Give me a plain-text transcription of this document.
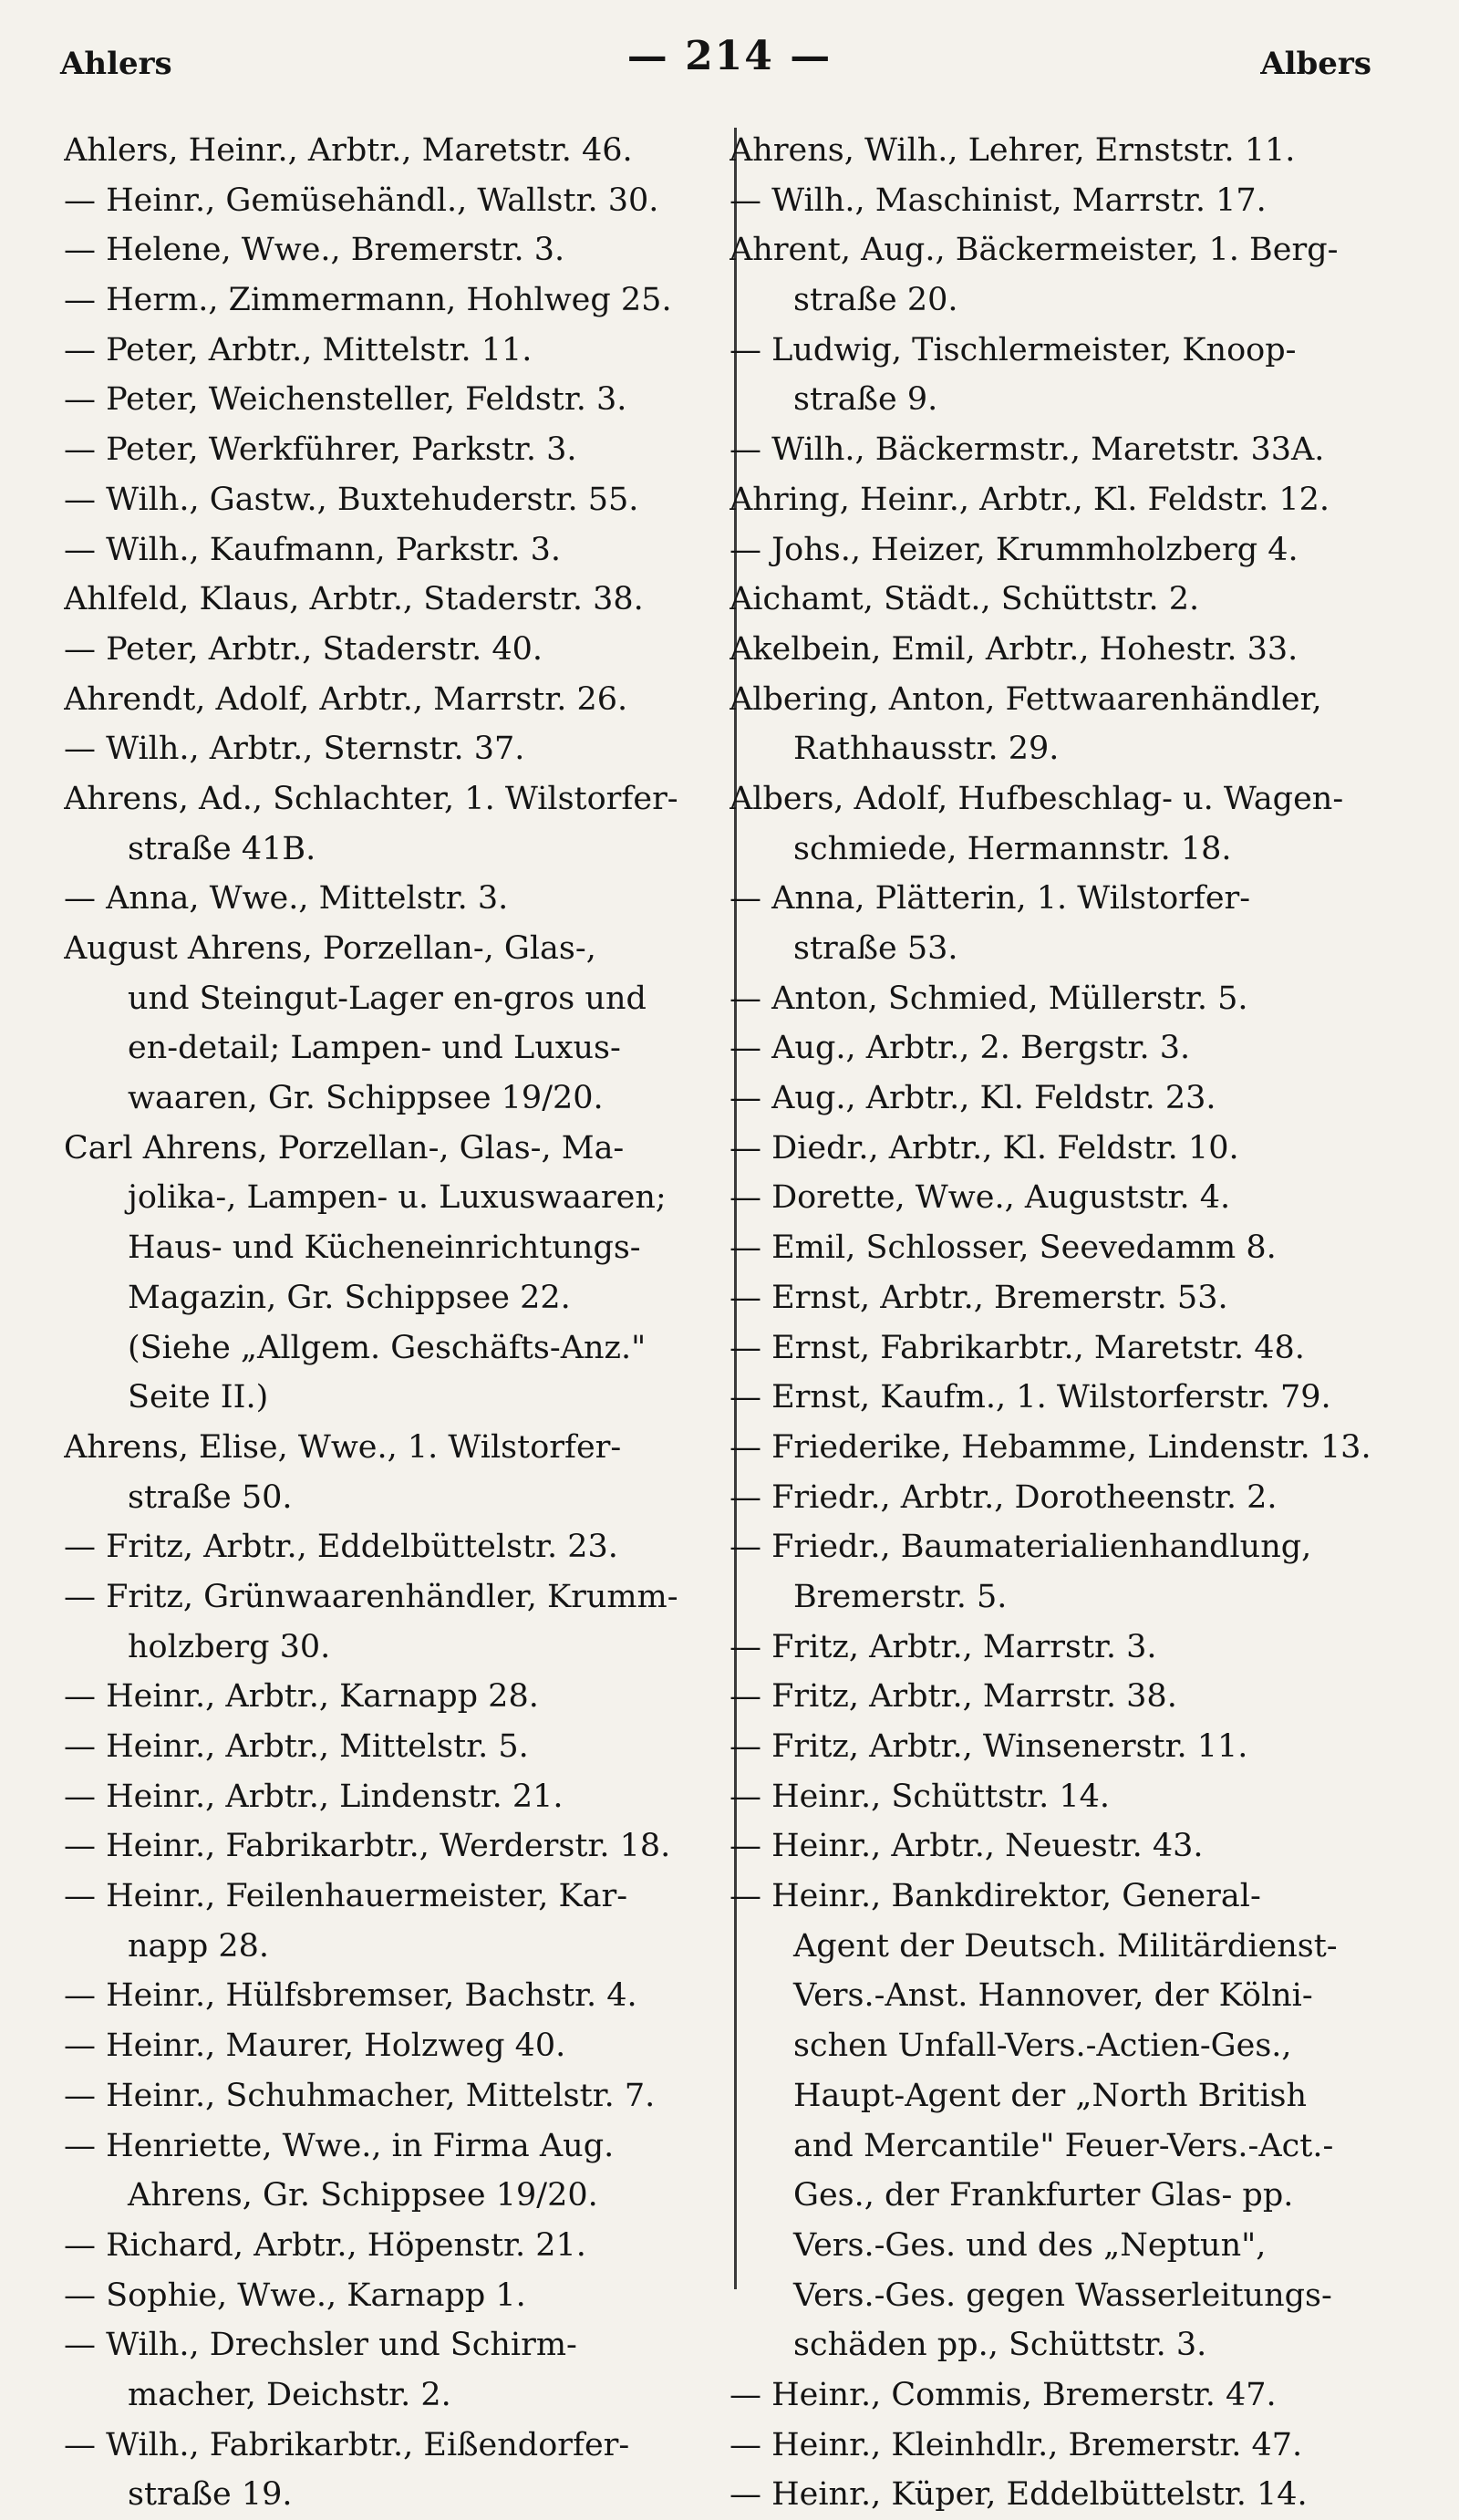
Ahlers	— 214 —	Albers
Ahlers, Heinr., Arbtr., Maretstr. 46.
— Heinr., Gemüsehändl., Wallstr. 30.
— Helene, Wwe., Bremerstr. 3.
— Herm., Zimmermann, Hohlweg 25.
— Peter, Arbtr., Mittelstr. 11.
— Peter, Weichensteller, Feldstr. 3.
— Peter, Werkführer, Parkstr. 3.
— Wilh., Gastw., Buxtehuderstr. 55.
— Wilh., Kaufmann, Parkstr. 3.
Ahlfeld, Klaus, Arbtr., Staderstr. 38.
— Peter, Arbtr., Staderstr. 40.
Ahrendt, Adolf, Arbtr., Marrstr. 26.
— Wilh., Arbtr., Sternstr. 37.
Ahrens, Ad., Schlachter, 1. Wilstorfer-
straße 41B.
— Anna, Wwe., Mittelstr. 3.
August Ahrens, Porzellan-, Glas-,
und Steingut-Lager en-gros und
en-detail; Lampen- und Luxus-
waaren, Gr. Schippsee 19/20.
Carl Ahrens, Porzellan-, Glas-, Ma-
jolika-, Lampen- u. Luxuswaaren;
Haus- und Kücheneinrichtungs-
Magazin, Gr. Schippsee 22.
(Siehe „Allgem. Geschäfts-Anz."
Seite II.)
Ahrens, Elise, Wwe., 1. Wilstorfer-
straße 50.
— Fritz, Arbtr., Eddelbüttelstr. 23.
— Fritz, Grünwaarenhändler, Krumm-
holzberg 30.
— Heinr., Arbtr., Karnapp 28.
— Heinr., Arbtr., Mittelstr. 5.
— Heinr., Arbtr., Lindenstr. 21.
— Heinr., Fabrikarbtr., Werderstr. 18.
— Heinr., Feilenhauermeister, Kar-
napp 28.
— Heinr., Hülfsbremser, Bachstr. 4.
— Heinr., Maurer, Holzweg 40.
— Heinr., Schuhmacher, Mittelstr. 7.
— Henriette, Wwe., in Firma Aug.
Ahrens, Gr. Schippsee 19/20.
— Richard, Arbtr., Höpenstr. 21.
— Sophie, Wwe., Karnapp 1.
— Wilh., Drechsler und Schirm-
macher, Deichstr. 2.
— Wilh., Fabrikarbtr., Eißendorfer-
straße 19.
Ahrens, Wilh., Lehrer, Ernststr. 11.
— Wilh., Maschinist, Marrstr. 17.
Ahrent, Aug., Bäckermeister, 1. Berg-
straße 20.
— Ludwig, Tischlermeister, Knoop-
straße 9.
— Wilh., Bäckermstr., Maretstr. 33A.
Ahring, Heinr., Arbtr., Kl. Feldstr. 12.
— Johs., Heizer, Krummholzberg 4.
Aichamt, Städt., Schüttstr. 2.
Akelbein, Emil, Arbtr., Hohestr. 33.
Albering, Anton, Fettwaarenhändler,
Rathhausstr. 29.
Albers, Adolf, Hufbeschlag- u. Wagen-
schmiede, Hermannstr. 18.
— Anna, Plätterin, 1. Wilstorfer-
straße 53.
— Anton, Schmied, Müllerstr. 5.
— Aug., Arbtr., 2. Bergstr. 3.
— Aug., Arbtr., Kl. Feldstr. 23.
— Diedr., Arbtr., Kl. Feldstr. 10.
— Dorette, Wwe., Auguststr. 4.
— Emil, Schlosser, Seevedamm 8.
— Ernst, Arbtr., Bremerstr. 53.
— Ernst, Fabrikarbtr., Maretstr. 48.
— Ernst, Kaufm., 1. Wilstorferstr. 79.
— Friederike, Hebamme, Lindenstr. 13.
— Friedr., Arbtr., Dorotheenstr. 2.
— Friedr., Baumaterialienhandlung,
Bremerstr. 5.
— Fritz, Arbtr., Marrstr. 3.
— Fritz, Arbtr., Marrstr. 38.
— Fritz, Arbtr., Winsenerstr. 11.
— Heinr., Schüttstr. 14.
— Heinr., Arbtr., Neuestr. 43.
— Heinr., Bankdirektor, General-
Agent der Deutsch. Militärdienst-
Vers.-Anst. Hannover, der Kölni-
schen Unfall-Vers.-Actien-Ges.,
Haupt-Agent der „North British
and Mercantile" Feuer-Vers.-Act.-
Ges., der Frankfurter Glas- pp.
Vers.-Ges. und des „Neptun",
Vers.-Ges. gegen Wasserleitungs-
schäden pp., Schüttstr. 3.
— Heinr., Commis, Bremerstr. 47.
— Heinr., Kleinhdlr., Bremerstr. 47.
— Heinr., Küper, Eddelbüttelstr. 14.
